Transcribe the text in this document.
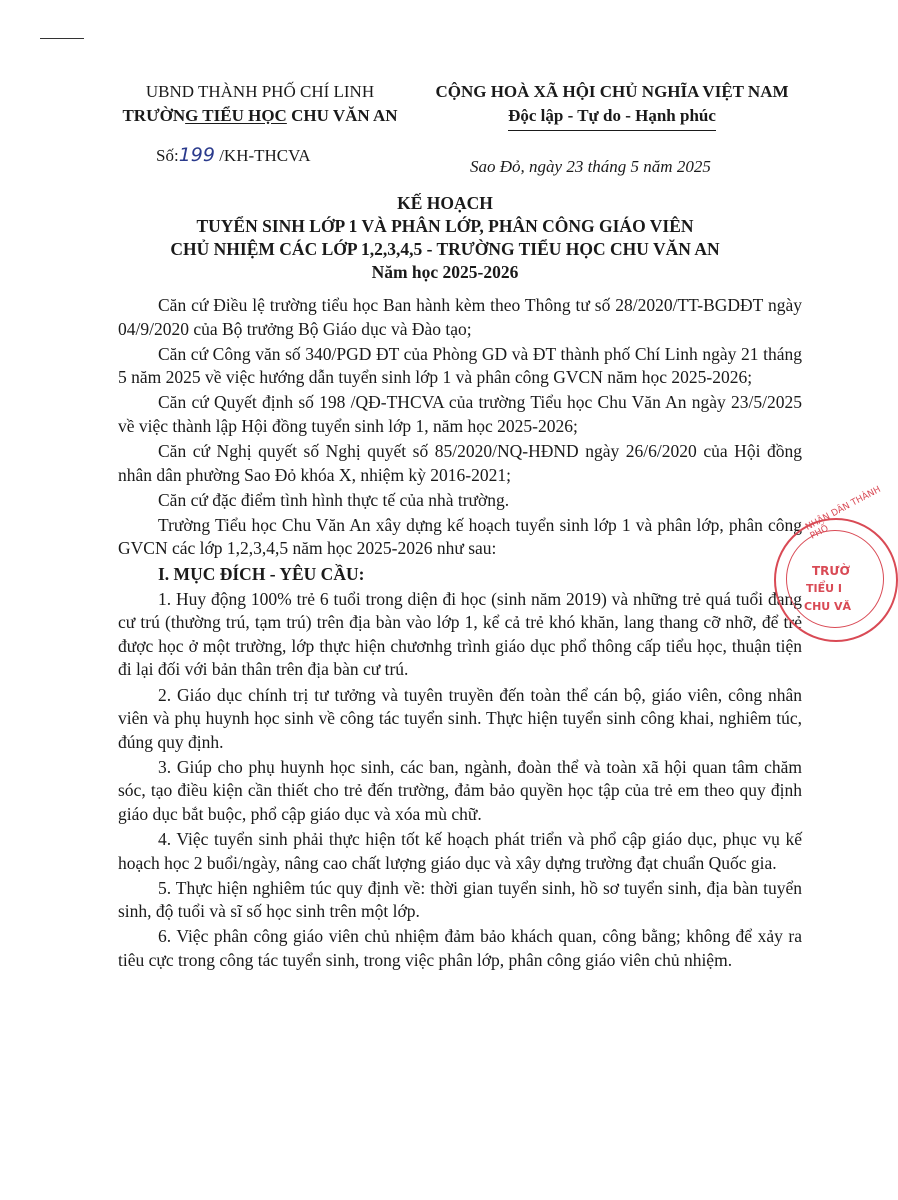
UBND THÀNH PHỐ CHÍ LINH
TRƯỜNG TIỂU HỌC CHU VĂN AN
CỘNG HOÀ XÃ HỘI CHỦ NGHĨA VIỆT NAM
Độc lập - Tự do - Hạnh phúc
Số:199 /KH-THCVA
Sao Đỏ, ngày 23 tháng 5 năm 2025
KẾ HOẠCH
TUYỂN SINH LỚP 1 VÀ PHÂN LỚP, PHÂN CÔNG GIÁO VIÊN
CHỦ NHIỆM CÁC LỚP 1,2,3,4,5 - TRƯỜNG TIỂU HỌC CHU VĂN AN
Năm học 2025-2026

Căn cứ Điều lệ trường tiểu học Ban hành kèm theo Thông tư số 28/2020/TT-BGDĐT ngày 04/9/2020 của Bộ trưởng Bộ Giáo dục và Đào tạo;

Căn cứ Công văn số 340/PGD ĐT của Phòng GD và ĐT thành phố Chí Linh ngày 21 tháng 5 năm 2025 về việc hướng dẫn tuyển sinh lớp 1 và phân công GVCN năm học 2025-2026;

Căn cứ Quyết định số 198 /QĐ-THCVA của trường Tiểu học Chu Văn An ngày 23/5/2025 về việc thành lập Hội đồng tuyển sinh lớp 1, năm học 2025-2026;

Căn cứ Nghị quyết số Nghị quyết số 85/2020/NQ-HĐND ngày 26/6/2020 của Hội đồng nhân dân phường Sao Đỏ khóa X, nhiệm kỳ 2016-2021;

Căn cứ đặc điểm tình hình thực tế của nhà trường.

Trường Tiểu học Chu Văn An xây dựng kế hoạch tuyển sinh lớp 1 và phân lớp, phân công GVCN các lớp 1,2,3,4,5 năm học 2025-2026 như sau:

I. MỤC ĐÍCH - YÊU CẦU:

1. Huy động 100% trẻ 6 tuổi trong diện đi học (sinh năm 2019) và những trẻ quá tuổi đang cư trú (thường trú, tạm trú) trên địa bàn vào lớp 1, kể cả trẻ khó khăn, lang thang cỡ nhỡ, để trẻ được học ở một trường, lớp thực hiện chươnhg trình giáo dục phổ thông cấp tiểu học, thuận tiện đi lại đối với bản thân trên địa bàn cư trú.

2. Giáo dục chính trị tư tưởng và tuyên truyền đến toàn thể cán bộ, giáo viên, công nhân viên và phụ huynh học sinh về công tác tuyển sinh. Thực hiện tuyển sinh công khai, nghiêm túc, đúng quy định.

3. Giúp cho phụ huynh học sinh, các ban, ngành, đoàn thể và toàn xã hội quan tâm chăm sóc, tạo điều kiện cần thiết cho trẻ đến trường, đảm bảo quyền học tập của trẻ em theo quy định giáo dục bắt buộc, phổ cập giáo dục và xóa mù chữ.

4. Việc tuyển sinh phải thực hiện tốt kế hoạch phát triển và phổ cập giáo dục, phục vụ kế hoạch học 2 buổi/ngày, nâng cao chất lượng giáo dục và xây dựng trường đạt chuẩn Quốc gia.

5. Thực hiện nghiêm túc quy định về: thời gian tuyển sinh, hồ sơ tuyển sinh, địa bàn tuyển sinh, độ tuổi và sĩ số học sinh trên một lớp.

6. Việc phân công giáo viên chủ nhiệm đảm bảo khách quan, công bằng; không để xảy ra tiêu cực trong công tác tuyển sinh, trong việc phân lớp, phân công giáo viên chủ nhiệm.

NHÂN DÂN THÀNH PHỐ
TRƯỜ
TIỂU I
CHU VĂ
